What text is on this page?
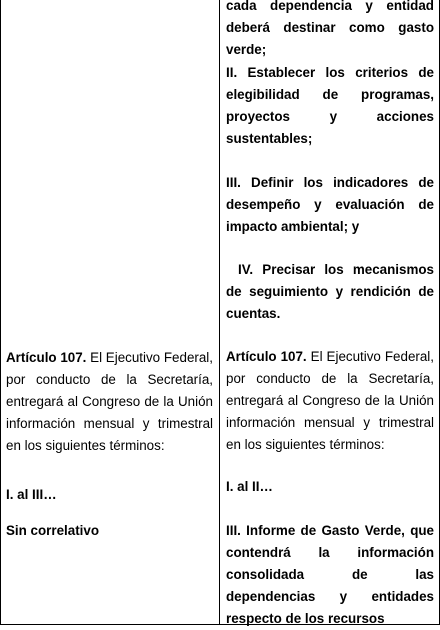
Artículo 107. El Ejecutivo Federal, por conducto de la Secretaría, entregará al Congreso de la Unión información mensual y trimestral en los siguientes términos:

I. al III…

Sin correlativo

cada dependencia y entidad deberá destinar como gasto verde;

II. Establecer los criterios de elegibilidad de programas, proyectos y acciones sustentables;

III. Definir los indicadores de desempeño y evaluación de impacto ambiental; y

IV. Precisar los mecanismos de seguimiento y rendición de cuentas.

Artículo 107. El Ejecutivo Federal, por conducto de la Secretaría, entregará al Congreso de la Unión información mensual y trimestral en los siguientes términos:

I. al II…

III. Informe de Gasto Verde, que contendrá la información consolidada de las dependencias y entidades respecto de los recursos
